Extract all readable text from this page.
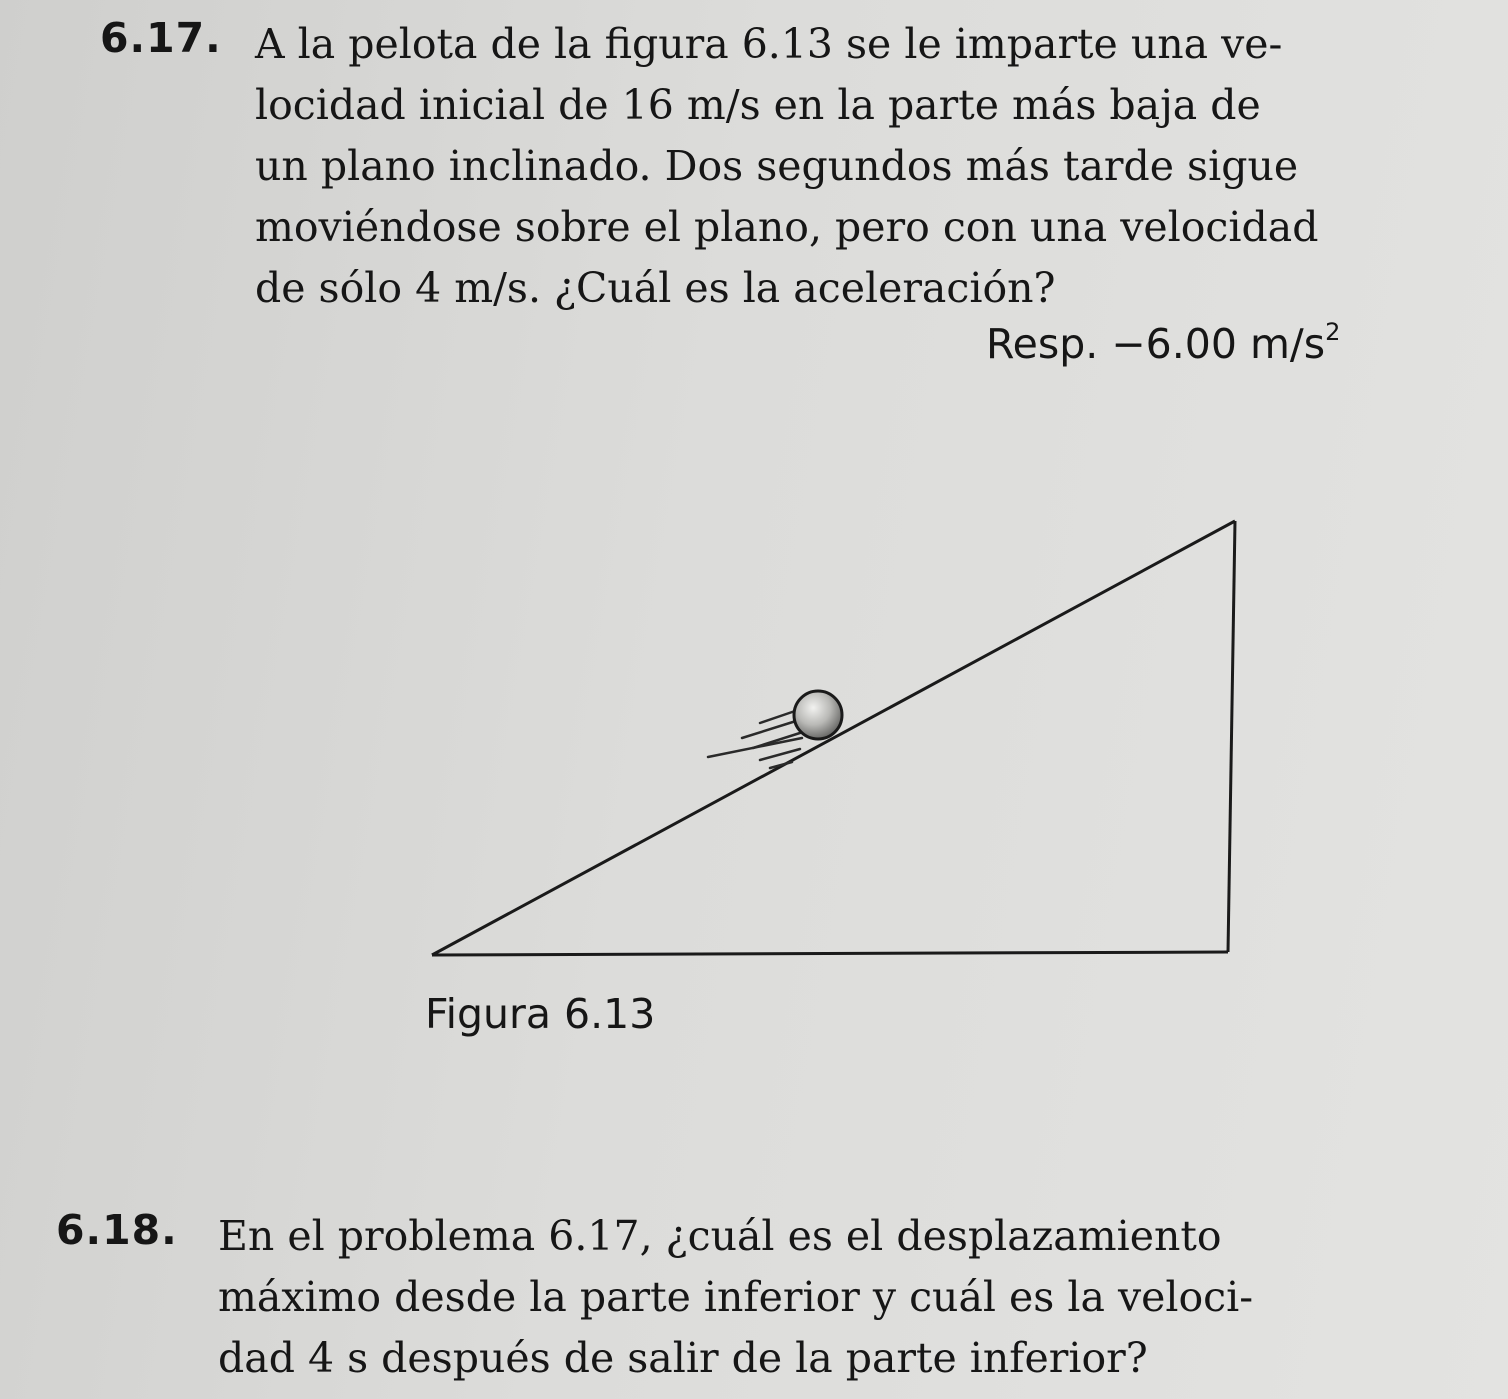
6.17. A la pelota de la figura 6.13 se le imparte una ve-
locidad inicial de 16 m/s en la parte más baja de
un plano inclinado. Dos segundos más tarde sigue
moviéndose sobre el plano, pero con una velocidad
de sólo 4 m/s. ¿Cuál es la aceleración?
Resp. −6.00 $m/s^2$
Figura 6.13
6.18. En el problema 6.17, ¿cuál es el desplazamiento
máximo desde la parte inferior y cuál es la veloci-
dad 4 s después de salir de la parte inferior?
